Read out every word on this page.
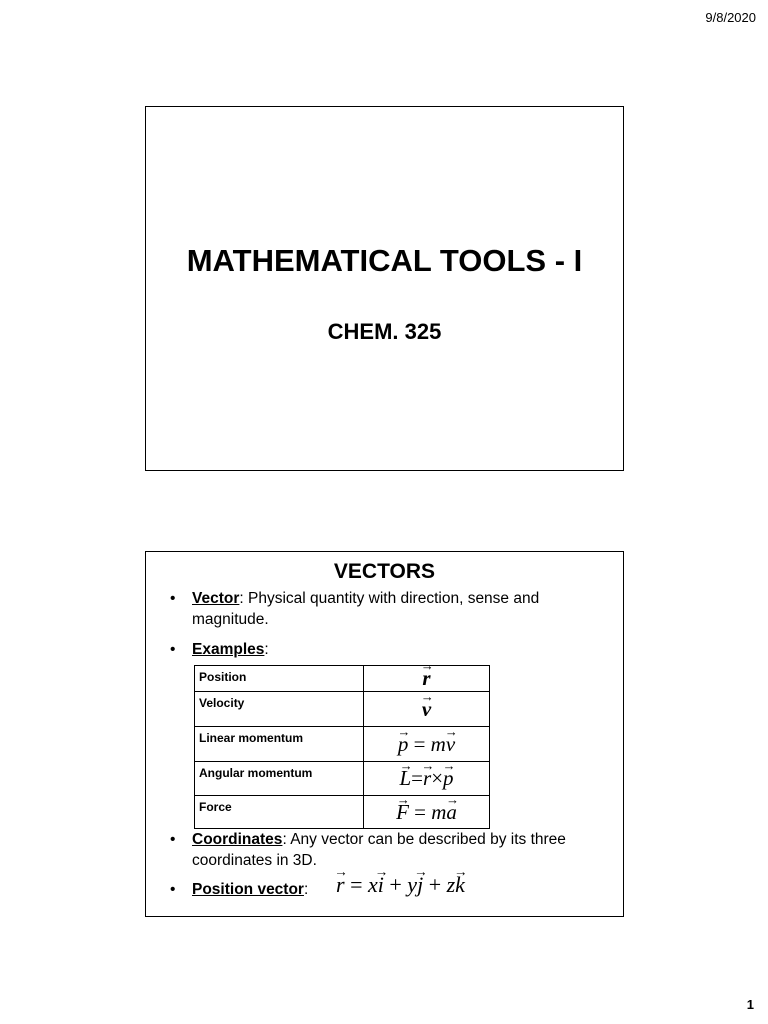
9/8/2020
MATHEMATICAL TOOLS - I
CHEM. 325
VECTORS
• Vector: Physical quantity with direction, sense and magnitude.
• Examples:
Position	→ r
Velocity	→ v
Linear momentum	→ p = m→ v
Angular momentum	→ L=→ r×→ p
Force	→ F = m→ a
• Coordinates: Any vector can be described by its three coordinates in 3D.
• Position vector:	→ r = x→ i + y→ j + z→ k
1
